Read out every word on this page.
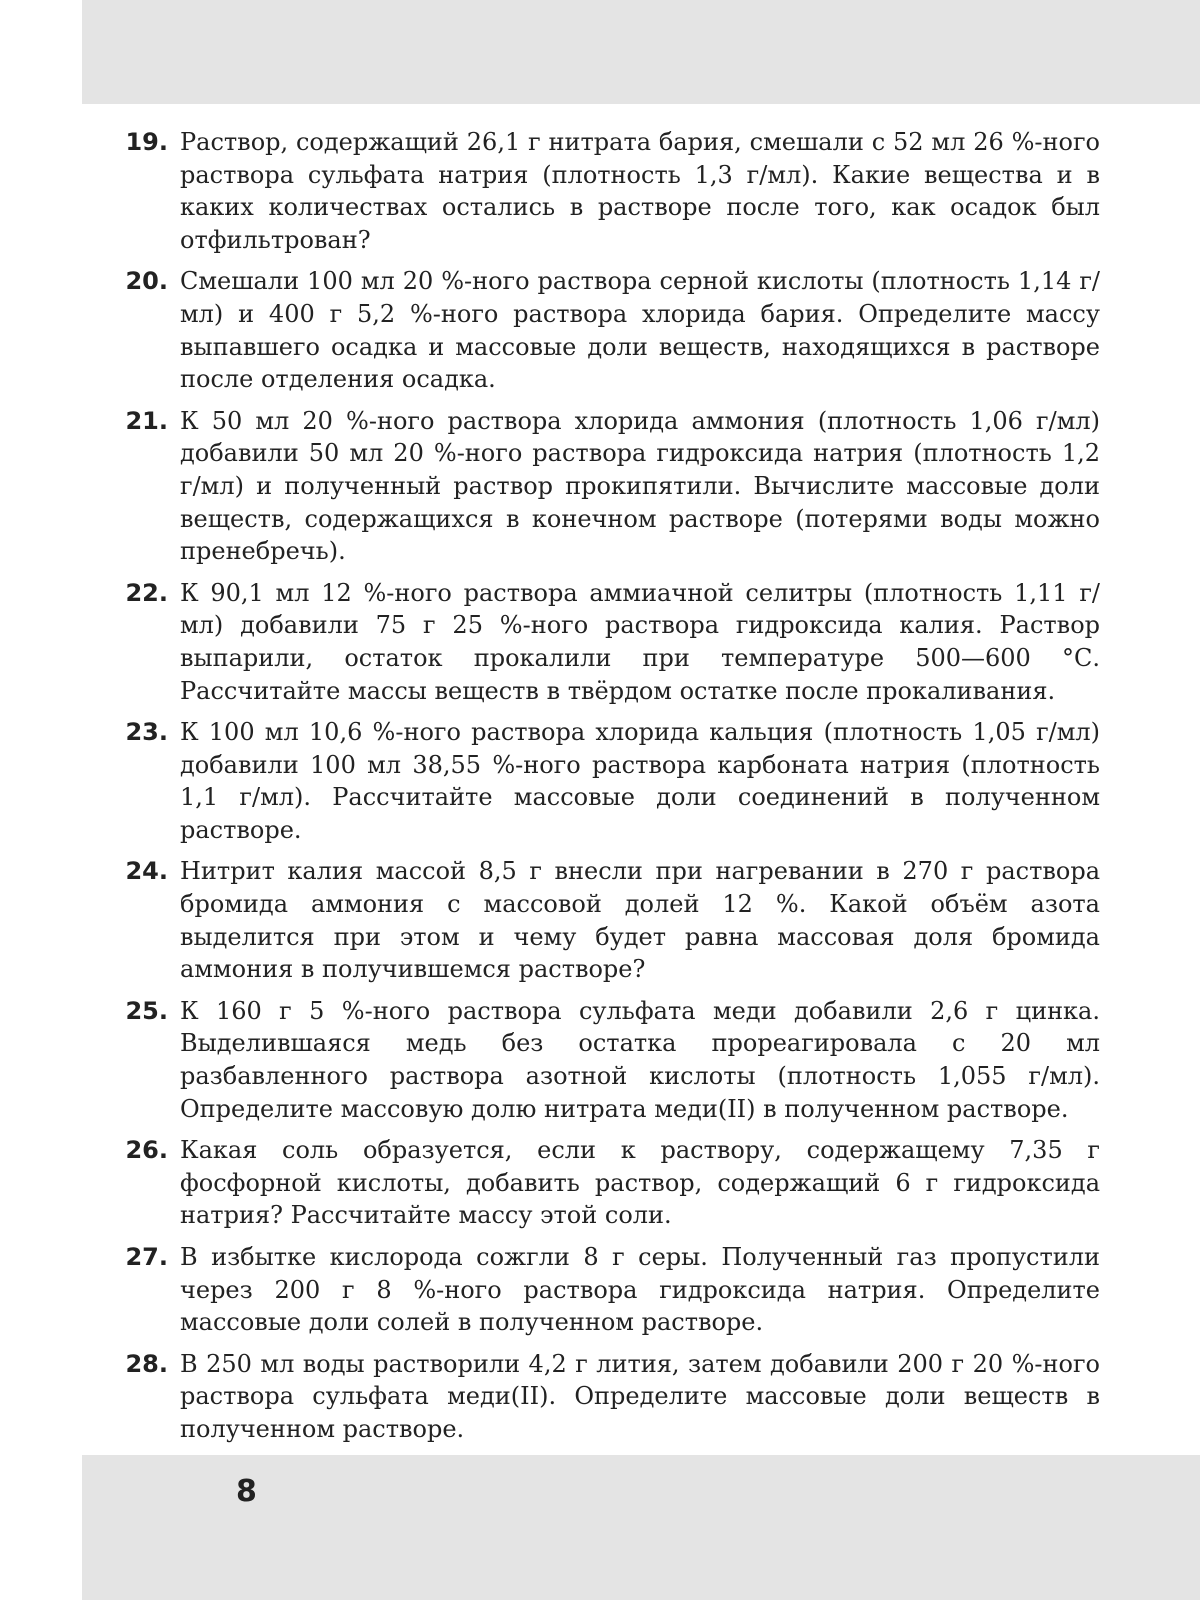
19. Раствор, содержащий 26,1 г нитрата бария, смешали с 52 мл 26 %-ного раствора сульфата натрия (плотность 1,3 г/мл). Какие вещества и в каких количествах остались в растворе после того, как осадок был отфильтрован?
20. Смешали 100 мл 20 %-ного раствора серной кислоты (плотность 1,14 г/мл) и 400 г 5,2 %-ного раствора хлорида бария. Определите массу выпавшего осадка и массовые доли веществ, находящихся в растворе после отделения осадка.
21. К 50 мл 20 %-ного раствора хлорида аммония (плотность 1,06 г/мл) добавили 50 мл 20 %-ного раствора гидроксида натрия (плотность 1,2 г/мл) и полученный раствор прокипятили. Вычислите массовые доли веществ, содержащихся в конечном растворе (потерями воды можно пренебречь).
22. К 90,1 мл 12 %-ного раствора аммиачной селитры (плотность 1,11 г/мл) добавили 75 г 25 %-ного раствора гидроксида калия. Раствор выпарили, остаток прокалили при температуре 500—600 °С. Рассчитайте массы веществ в твёрдом остатке после прокаливания.
23. К 100 мл 10,6 %-ного раствора хлорида кальция (плотность 1,05 г/мл) добавили 100 мл 38,55 %-ного раствора карбоната натрия (плотность 1,1 г/мл). Рассчитайте массовые доли соединений в полученном растворе.
24. Нитрит калия массой 8,5 г внесли при нагревании в 270 г раствора бромида аммония с массовой долей 12 %. Какой объём азота выделится при этом и чему будет равна массовая доля бромида аммония в получившемся растворе?
25. К 160 г 5 %-ного раствора сульфата меди добавили 2,6 г цинка. Выделившаяся медь без остатка прореагировала с 20 мл разбавленного раствора азотной кислоты (плотность 1,055 г/мл). Определите массовую долю нитрата меди(II) в полученном растворе.
26. Какая соль образуется, если к раствору, содержащему 7,35 г фосфорной кислоты, добавить раствор, содержащий 6 г гидроксида натрия? Рассчитайте массу этой соли.
27. В избытке кислорода сожгли 8 г серы. Полученный газ пропустили через 200 г 8 %-ного раствора гидроксида натрия. Определите массовые доли солей в полученном растворе.
28. В 250 мл воды растворили 4,2 г лития, затем добавили 200 г 20 %-ного раствора сульфата меди(II). Определите массовые доли веществ в полученном растворе.
8
